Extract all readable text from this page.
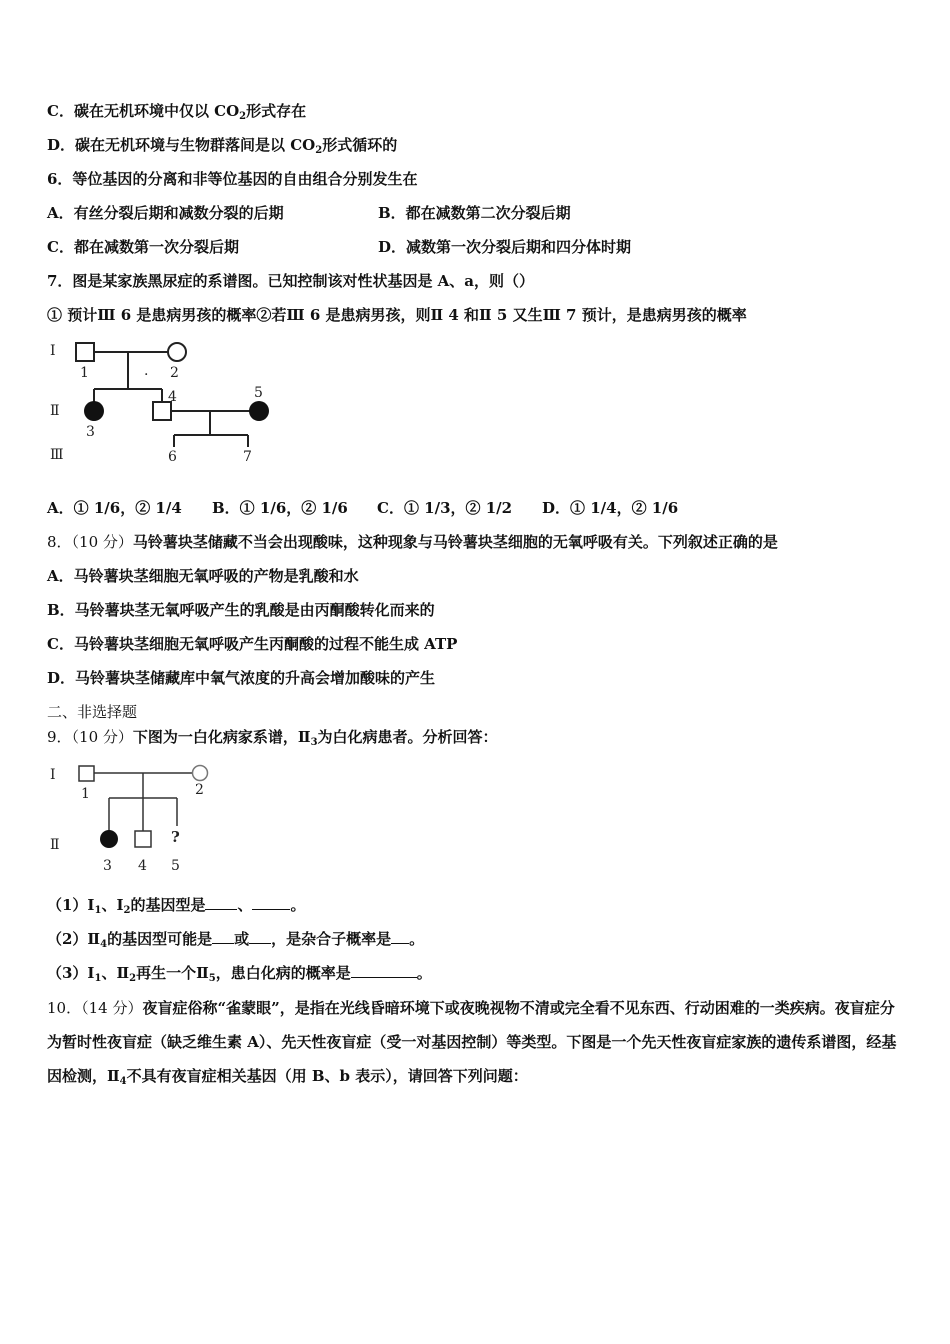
C．碳在无机环境中仅以 $CO_2$形式存在
D．碳在无机环境与生物群落间是以 $CO_2$形式循环的
6．等位基因的分离和非等位基因的自由组合分别发生在
A．有丝分裂后期和减数分裂的后期	B．都在减数第二次分裂后期
C．都在减数第一次分裂后期	D．减数第一次分裂后期和四分体时期
7．图是某家族黑尿症的系谱图。已知控制该对性状基因是 A、a，则（）
① 预计Ⅲ 6 是患病男孩的概率②若Ⅲ 6 是患病男孩，则Ⅱ 4 和Ⅱ 5 又生Ⅲ 7 预计，是患病男孩的概率
Ⅰ
Ⅱ
Ⅲ
1	2
3
4	5
6	7
.
A．① 1/6，② 1/4 B．① 1/6，② 1/6 C．① 1/3，② 1/2 D．① 1/4，② 1/6
8．（10 分）马铃薯块茎储藏不当会出现酸味，这种现象与马铃薯块茎细胞的无氧呼吸有关。下列叙述正确的是
A．马铃薯块茎细胞无氧呼吸的产物是乳酸和水
B．马铃薯块茎无氧呼吸产生的乳酸是由丙酮酸转化而来的
C．马铃薯块茎细胞无氧呼吸产生丙酮酸的过程不能生成 ATP
D．马铃薯块茎储藏库中氧气浓度的升高会增加酸味的产生
二、非选择题
9．（10 分）下图为一白化病家系谱，$Ⅱ_3$为白化病患者。分析回答：
Ⅰ
Ⅱ
1	2
3 4 5
?
$(1)Ⅰ_1$、$Ⅰ_2$的基因型是 、	。
$(2)Ⅱ_4$的基因型可能是 或 ，是杂合子概率是 。
$(3)Ⅰ_1$、$Ⅱ_2$再生一个$Ⅱ_5$，患白化病的概率是	。
10．（14 分）夜盲症俗称“雀蒙眼”，是指在光线昏暗环境下或夜晚视物不清或完全看不见东西、行动困难的一类疾病。夜盲症分为暂时性夜盲症（缺乏维生素 A）、先天性夜盲症（受一对基因控制）等类型。下图是一个先天性夜盲症家族的遗传系谱图，经基因检测，$Ⅱ_4$不具有夜盲症相关基因（用 B、b 表示），请回答下列问题：
